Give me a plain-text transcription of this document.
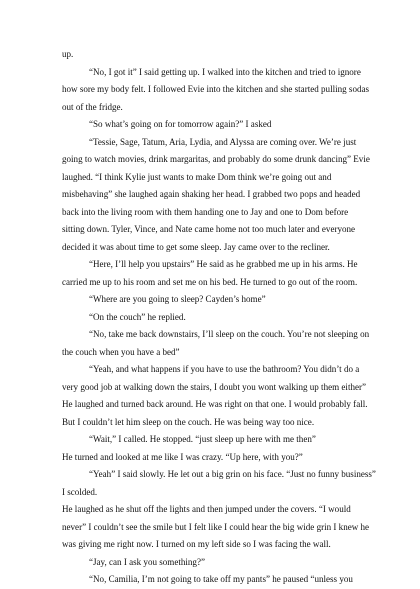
up.
“No, I got it” I said getting up. I walked into the kitchen and tried to ignore
how sore my body felt. I followed Evie into the kitchen and she started pulling sodas
out of the fridge.
“So what’s going on for tomorrow again?” I asked
“Tessie, Sage, Tatum, Aria, Lydia, and Alyssa are coming over. We’re just
going to watch movies, drink margaritas, and probably do some drunk dancing” Evie
laughed. “I think Kylie just wants to make Dom think we’re going out and
misbehaving” she laughed again shaking her head. I grabbed two pops and headed
back into the living room with them handing one to Jay and one to Dom before
sitting down. Tyler, Vince, and Nate came home not too much later and everyone
decided it was about time to get some sleep. Jay came over to the recliner.
“Here, I’ll help you upstairs” He said as he grabbed me up in his arms. He
carried me up to his room and set me on his bed. He turned to go out of the room.
“Where are you going to sleep? Cayden’s home”
“On the couch” he replied.
“No, take me back downstairs, I’ll sleep on the couch. You’re not sleeping on
the couch when you have a bed”
“Yeah, and what happens if you have to use the bathroom? You didn’t do a
very good job at walking down the stairs, I doubt you wont walking up them either”
He laughed and turned back around. He was right on that one. I would probably fall.
But I couldn’t let him sleep on the couch. He was being way too nice.
“Wait,” I called. He stopped. “just sleep up here with me then”
He turned and looked at me like I was crazy. “Up here, with you?”
“Yeah” I said slowly. He let out a big grin on his face. “Just no funny business”
I scolded.
He laughed as he shut off the lights and then jumped under the covers. “I would
never” I couldn’t see the smile but I felt like I could hear the big wide grin I knew he
was giving me right now. I turned on my left side so I was facing the wall.
“Jay, can I ask you something?”
“No, Camilia, I’m not going to take off my pants” he paused “unless you
